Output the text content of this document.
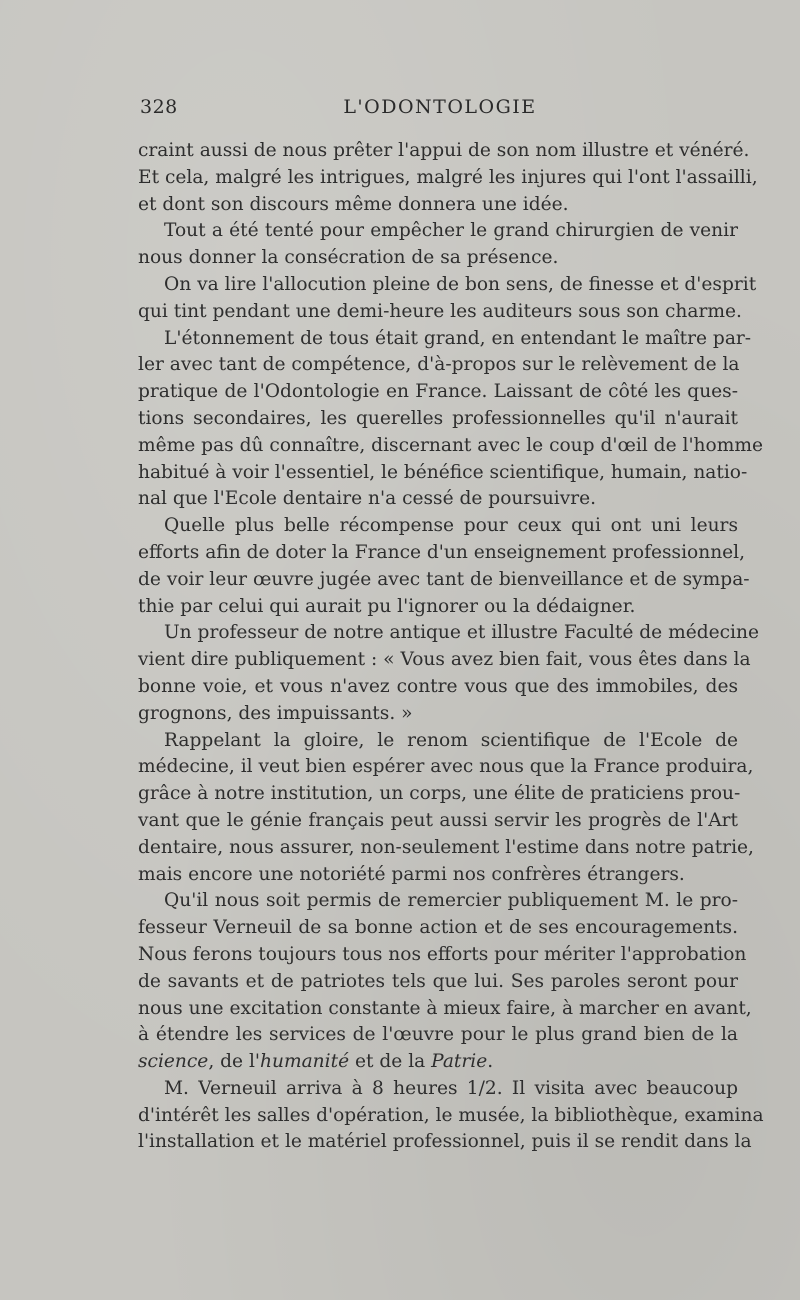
328	L'ODONTOLOGIE
craint aussi de nous prêter l'appui de son nom illustre et vénéré.
Et cela, malgré les intrigues, malgré les injures qui l'ont l'assailli,
et dont son discours même donnera une idée.
Tout a été tenté pour empêcher le grand chirurgien de venir
nous donner la consécration de sa présence.
On va lire l'allocution pleine de bon sens, de finesse et d'esprit
qui tint pendant une demi-heure les auditeurs sous son charme.
L'étonnement de tous était grand, en entendant le maître par-
ler avec tant de compétence, d'à-propos sur le relèvement de la
pratique de l'Odontologie en France. Laissant de côté les ques-
tions secondaires, les querelles professionnelles qu'il n'aurait
même pas dû connaître, discernant avec le coup d'œil de l'homme
habitué à voir l'essentiel, le bénéfice scientifique, humain, natio-
nal que l'Ecole dentaire n'a cessé de poursuivre.
Quelle plus belle récompense pour ceux qui ont uni leurs
efforts afin de doter la France d'un enseignement professionnel,
de voir leur œuvre jugée avec tant de bienveillance et de sympa-
thie par celui qui aurait pu l'ignorer ou la dédaigner.
Un professeur de notre antique et illustre Faculté de médecine
vient dire publiquement : « Vous avez bien fait, vous êtes dans la
bonne voie, et vous n'avez contre vous que des immobiles, des
grognons, des impuissants. »
Rappelant la gloire, le renom scientifique de l'Ecole de
médecine, il veut bien espérer avec nous que la France produira,
grâce à notre institution, un corps, une élite de praticiens prou-
vant que le génie français peut aussi servir les progrès de l'Art
dentaire, nous assurer, non-seulement l'estime dans notre patrie,
mais encore une notoriété parmi nos confrères étrangers.
Qu'il nous soit permis de remercier publiquement M. le pro-
fesseur Verneuil de sa bonne action et de ses encouragements.
Nous ferons toujours tous nos efforts pour mériter l'approbation
de savants et de patriotes tels que lui. Ses paroles seront pour
nous une excitation constante à mieux faire, à marcher en avant,
à étendre les services de l'œuvre pour le plus grand bien de la
science, de l'humanité et de la Patrie.
M. Verneuil arriva à 8 heures 1/2. Il visita avec beaucoup
d'intérêt les salles d'opération, le musée, la bibliothèque, examina
l'installation et le matériel professionnel, puis il se rendit dans la
